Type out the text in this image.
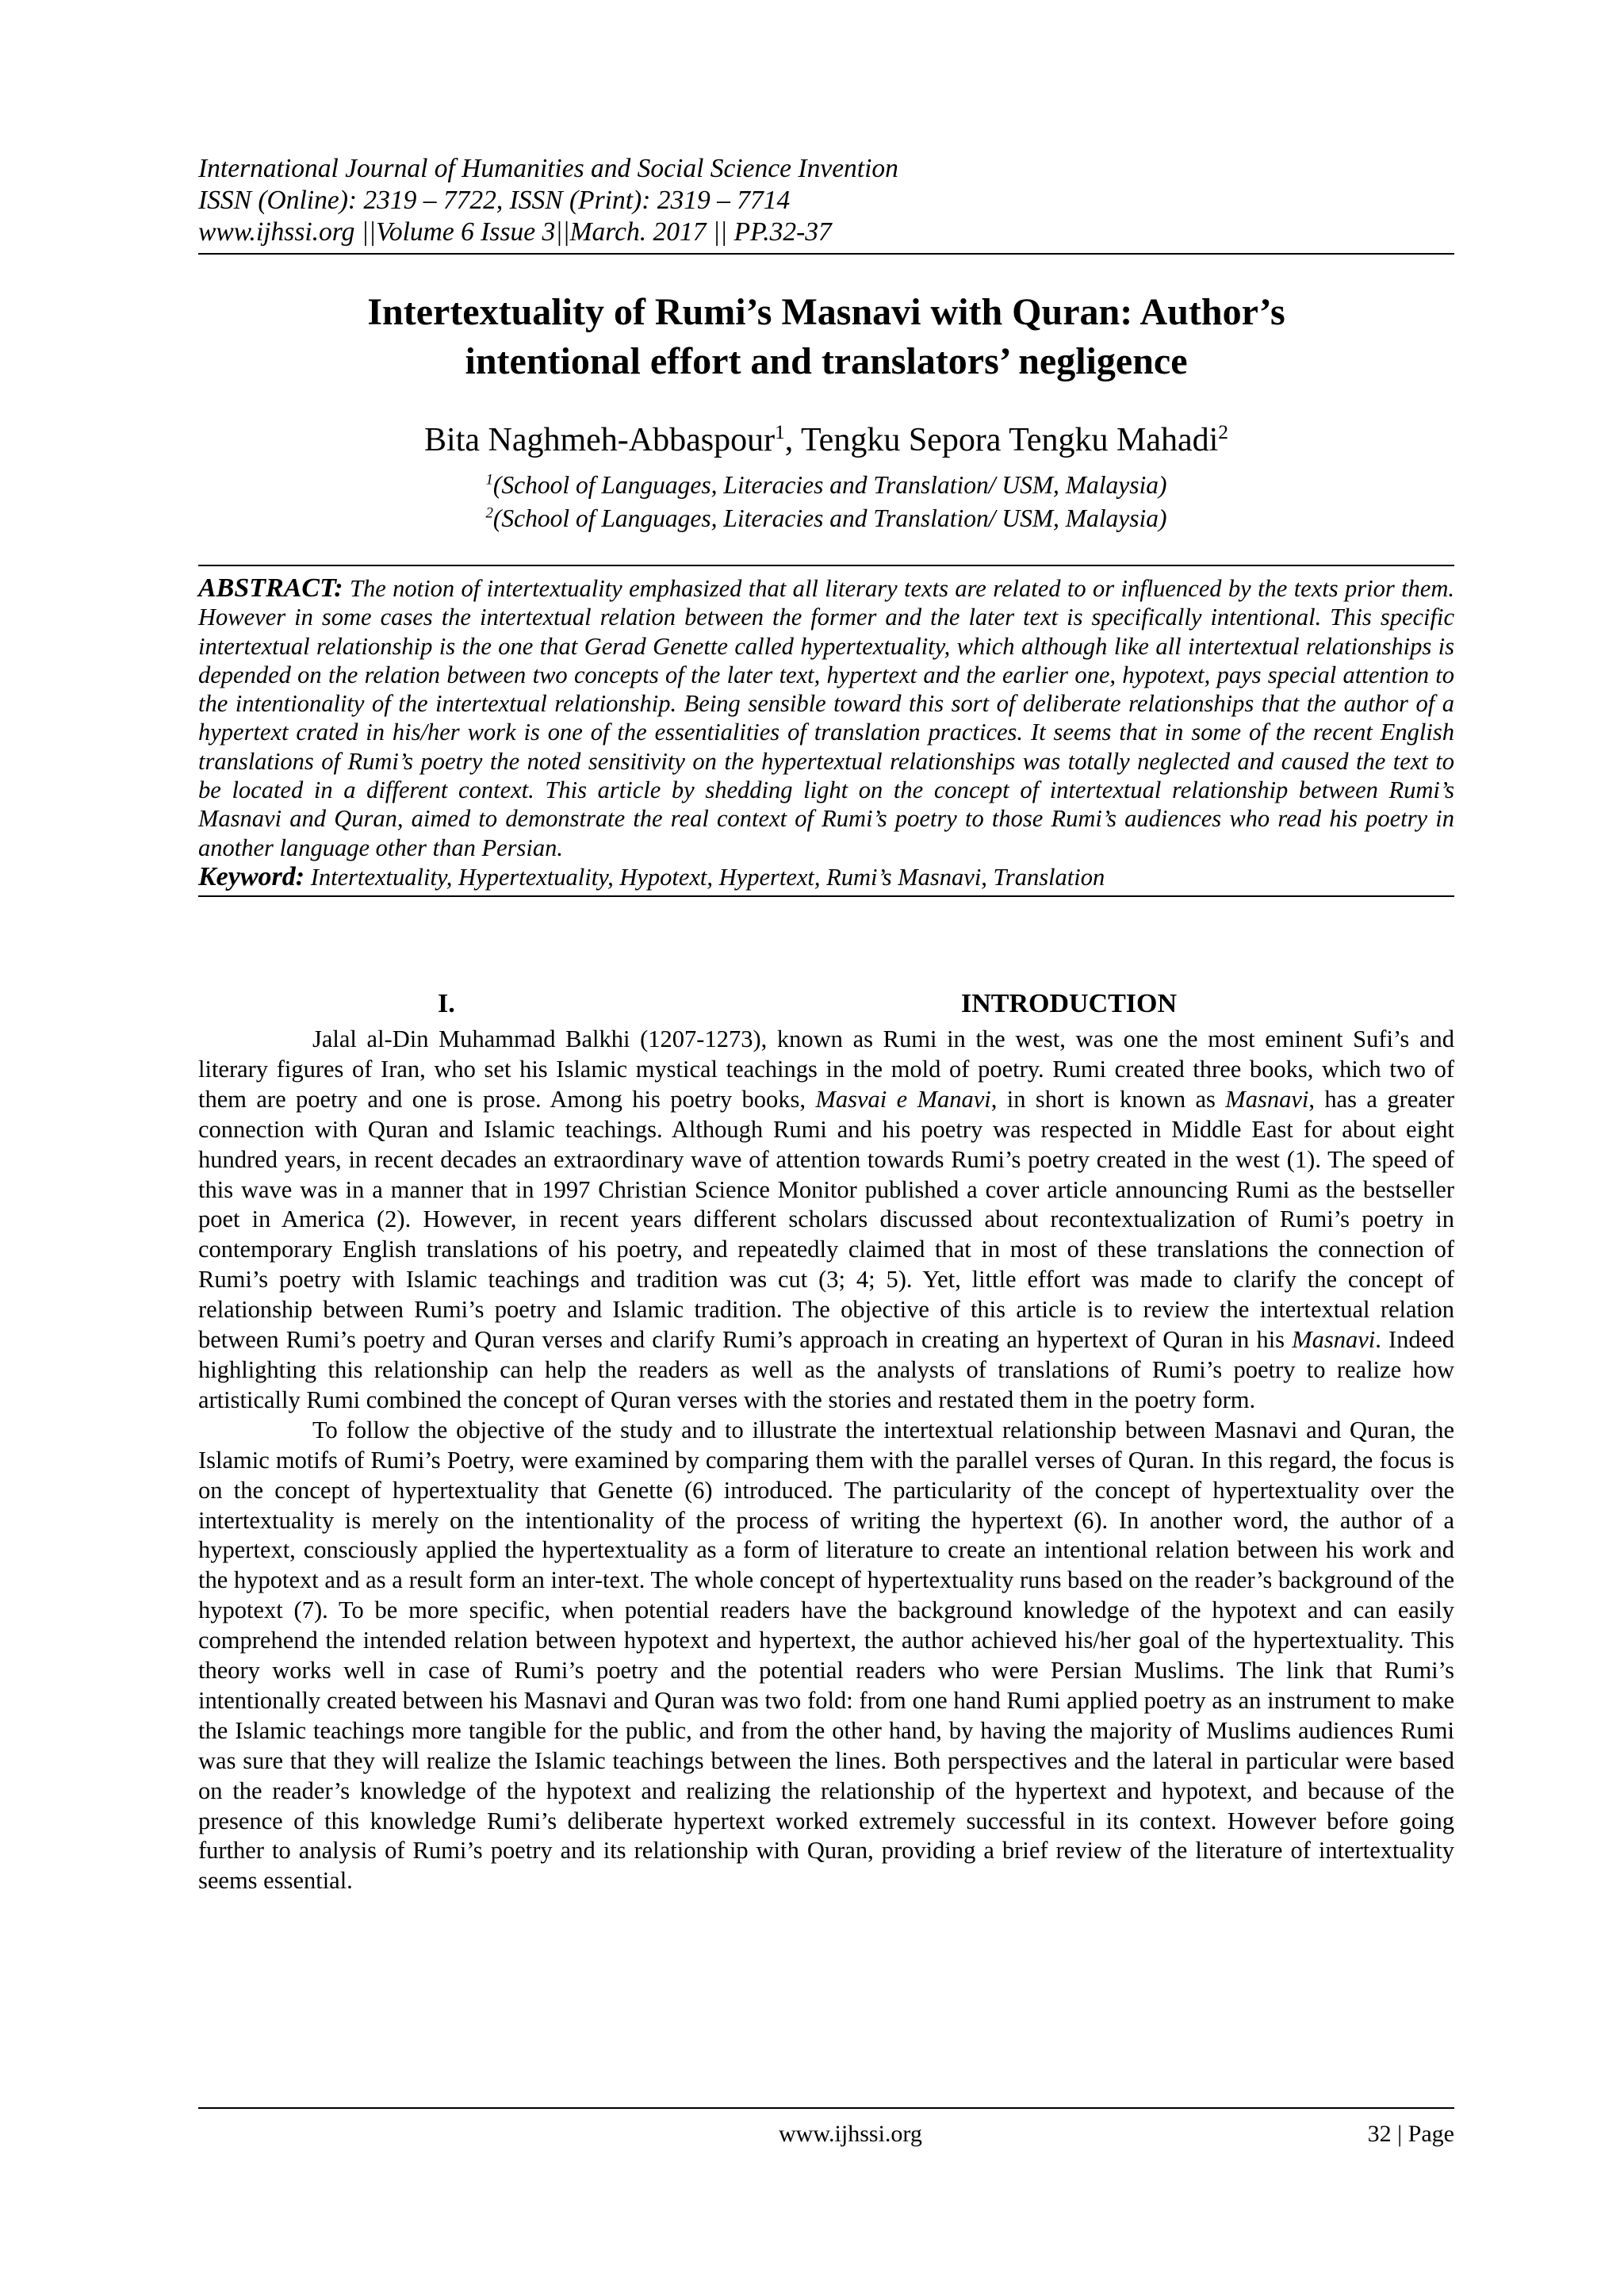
International Journal of Humanities and Social Science Invention
ISSN (Online): 2319 – 7722, ISSN (Print): 2319 – 7714
www.ijhssi.org ||Volume 6 Issue 3||March. 2017 || PP.32-37
Intertextuality of Rumi’s Masnavi with Quran: Author’s
intentional effort and translators’ negligence
Bita Naghmeh-Abbaspour$^1$, Tengku Sepora Tengku Mahadi$^2$
$^1$(School of Languages, Literacies and Translation/ USM, Malaysia)
$^2$(School of Languages, Literacies and Translation/ USM, Malaysia)

ABSTRACT: The notion of intertextuality emphasized that all literary texts are related to or influenced by the texts prior them. However in some cases the intertextual relation between the former and the later text is specifically intentional. This specific intertextual relationship is the one that Gerad Genette called hypertextuality, which although like all intertextual relationships is depended on the relation between two concepts of the later text, hypertext and the earlier one, hypotext, pays special attention to the intentionality of the intertextual relationship. Being sensible toward this sort of deliberate relationships that the author of a hypertext crated in his/her work is one of the essentialities of translation practices. It seems that in some of the recent English translations of Rumi’s poetry the noted sensitivity on the hypertextual relationships was totally neglected and caused the text to be located in a different context. This article by shedding light on the concept of intertextual relationship between Rumi’s Masnavi and Quran, aimed to demonstrate the real context of Rumi’s poetry to those Rumi’s audiences who read his poetry in another language other than Persian.

Keyword: Intertextuality, Hypertextuality, Hypotext, Hypertext, Rumi’s Masnavi, Translation

I.	INTRODUCTION

Jalal al-Din Muhammad Balkhi (1207-1273), known as Rumi in the west, was one the most eminent Sufi’s and literary figures of Iran, who set his Islamic mystical teachings in the mold of poetry. Rumi created three books, which two of them are poetry and one is prose. Among his poetry books, Masvai e Manavi, in short is known as Masnavi, has a greater connection with Quran and Islamic teachings. Although Rumi and his poetry was respected in Middle East for about eight hundred years, in recent decades an extraordinary wave of attention towards Rumi’s poetry created in the west (1). The speed of this wave was in a manner that in 1997 Christian Science Monitor published a cover article announcing Rumi as the bestseller poet in America (2). However, in recent years different scholars discussed about recontextualization of Rumi’s poetry in contemporary English translations of his poetry, and repeatedly claimed that in most of these translations the connection of Rumi’s poetry with Islamic teachings and tradition was cut (3; 4; 5). Yet, little effort was made to clarify the concept of relationship between Rumi’s poetry and Islamic tradition. The objective of this article is to review the intertextual relation between Rumi’s poetry and Quran verses and clarify Rumi’s approach in creating an hypertext of Quran in his Masnavi. Indeed highlighting this relationship can help the readers as well as the analysts of translations of Rumi’s poetry to realize how artistically Rumi combined the concept of Quran verses with the stories and restated them in the poetry form.

To follow the objective of the study and to illustrate the intertextual relationship between Masnavi and Quran, the Islamic motifs of Rumi’s Poetry, were examined by comparing them with the parallel verses of Quran. In this regard, the focus is on the concept of hypertextuality that Genette (6) introduced. The particularity of the concept of hypertextuality over the intertextuality is merely on the intentionality of the process of writing the hypertext (6). In another word, the author of a hypertext, consciously applied the hypertextuality as a form of literature to create an intentional relation between his work and the hypotext and as a result form an inter-text. The whole concept of hypertextuality runs based on the reader’s background of the hypotext (7). To be more specific, when potential readers have the background knowledge of the hypotext and can easily comprehend the intended relation between hypotext and hypertext, the author achieved his/her goal of the hypertextuality. This theory works well in case of Rumi’s poetry and the potential readers who were Persian Muslims. The link that Rumi’s intentionally created between his Masnavi and Quran was two fold: from one hand Rumi applied poetry as an instrument to make the Islamic teachings more tangible for the public, and from the other hand, by having the majority of Muslims audiences Rumi was sure that they will realize the Islamic teachings between the lines. Both perspectives and the lateral in particular were based on the reader’s knowledge of the hypotext and realizing the relationship of the hypertext and hypotext, and because of the presence of this knowledge Rumi’s deliberate hypertext worked extremely successful in its context. However before going further to analysis of Rumi’s poetry and its relationship with Quran, providing a brief review of the literature of intertextuality seems essential.

www.ijhssi.org	32 | Page
